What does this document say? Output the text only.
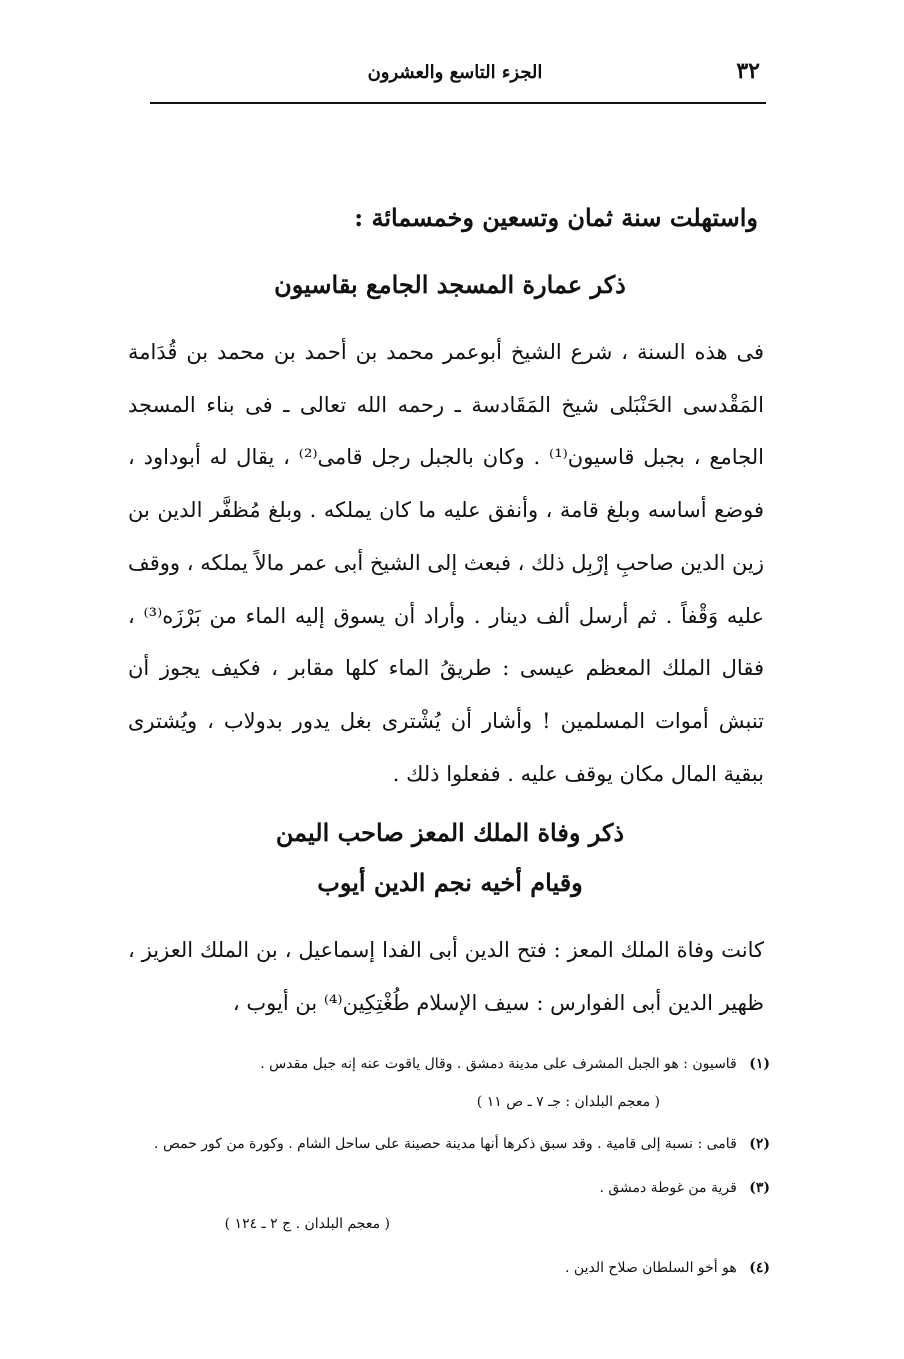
٣٢
الجزء التاسع والعشرون
واستهلت سنة ثمان وتسعين وخمسمائة :
ذكر عمارة المسجد الجامع بقاسيون

فى هذه السنة ، شرع الشيخ أبوعمر محمد بن أحمد بن محمد بن قُدَامة المَقْدسى الحَنْبَلى شيخ المَقَادسة ـ رحمه الله تعالى ـ فى بناء المسجد الجامع ، بجبل قاسيون⁽¹⁾ . وكان بالجبل رجل قامى⁽²⁾ ، يقال له أبوداود ، فوضع أساسه وبلغ قامة ، وأنفق عليه ما كان يملكه . وبلغ مُظفَّر الدين بن زين الدين صاحبِ إرْبِل ذلك ، فبعث إلى الشيخ أبى عمر مالاً يملكه ، ووقف عليه وَقْفاً . ثم أرسل ألف دينار . وأراد أن يسوق إليه الماء من بَرْزَه⁽³⁾ ، فقال الملك المعظم عيسى : طريقُ الماء كلها مقابر ، فكيف يجوز أن تنبش أموات المسلمين ! وأشار أن يُشْترى بغل يدور بدولاب ، ويُشترى ببقية المال مكان يوقف عليه . ففعلوا ذلك .

ذكر وفاة الملك المعز صاحب اليمن
وقيام أخيه نجم الدين أيوب

كانت وفاة الملك المعز : فتح الدين أبى الفدا إسماعيل ، بن الملك العزيز ، ظهير الدين أبى الفوارس : سيف الإسلام طُغْتِكِين⁽⁴⁾ بن أيوب ،

(١) قاسيون : هو الجبل المشرف على مدينة دمشق . وقال ياقوت عنه إنه جبل مقدس .
( معجم البلدان : جـ ٧ ـ ص ١١ )
(٢) قامى : نسبة إلى قامية . وقد سبق ذكرها أنها مدينة حصينة على ساحل الشام . وكورة من كور حمص .
(٣) قرية من غوطة دمشق .
( معجم البلدان . ج ٢ ـ ١٢٤ )
(٤) هو أخو السلطان صلاح الدين .
